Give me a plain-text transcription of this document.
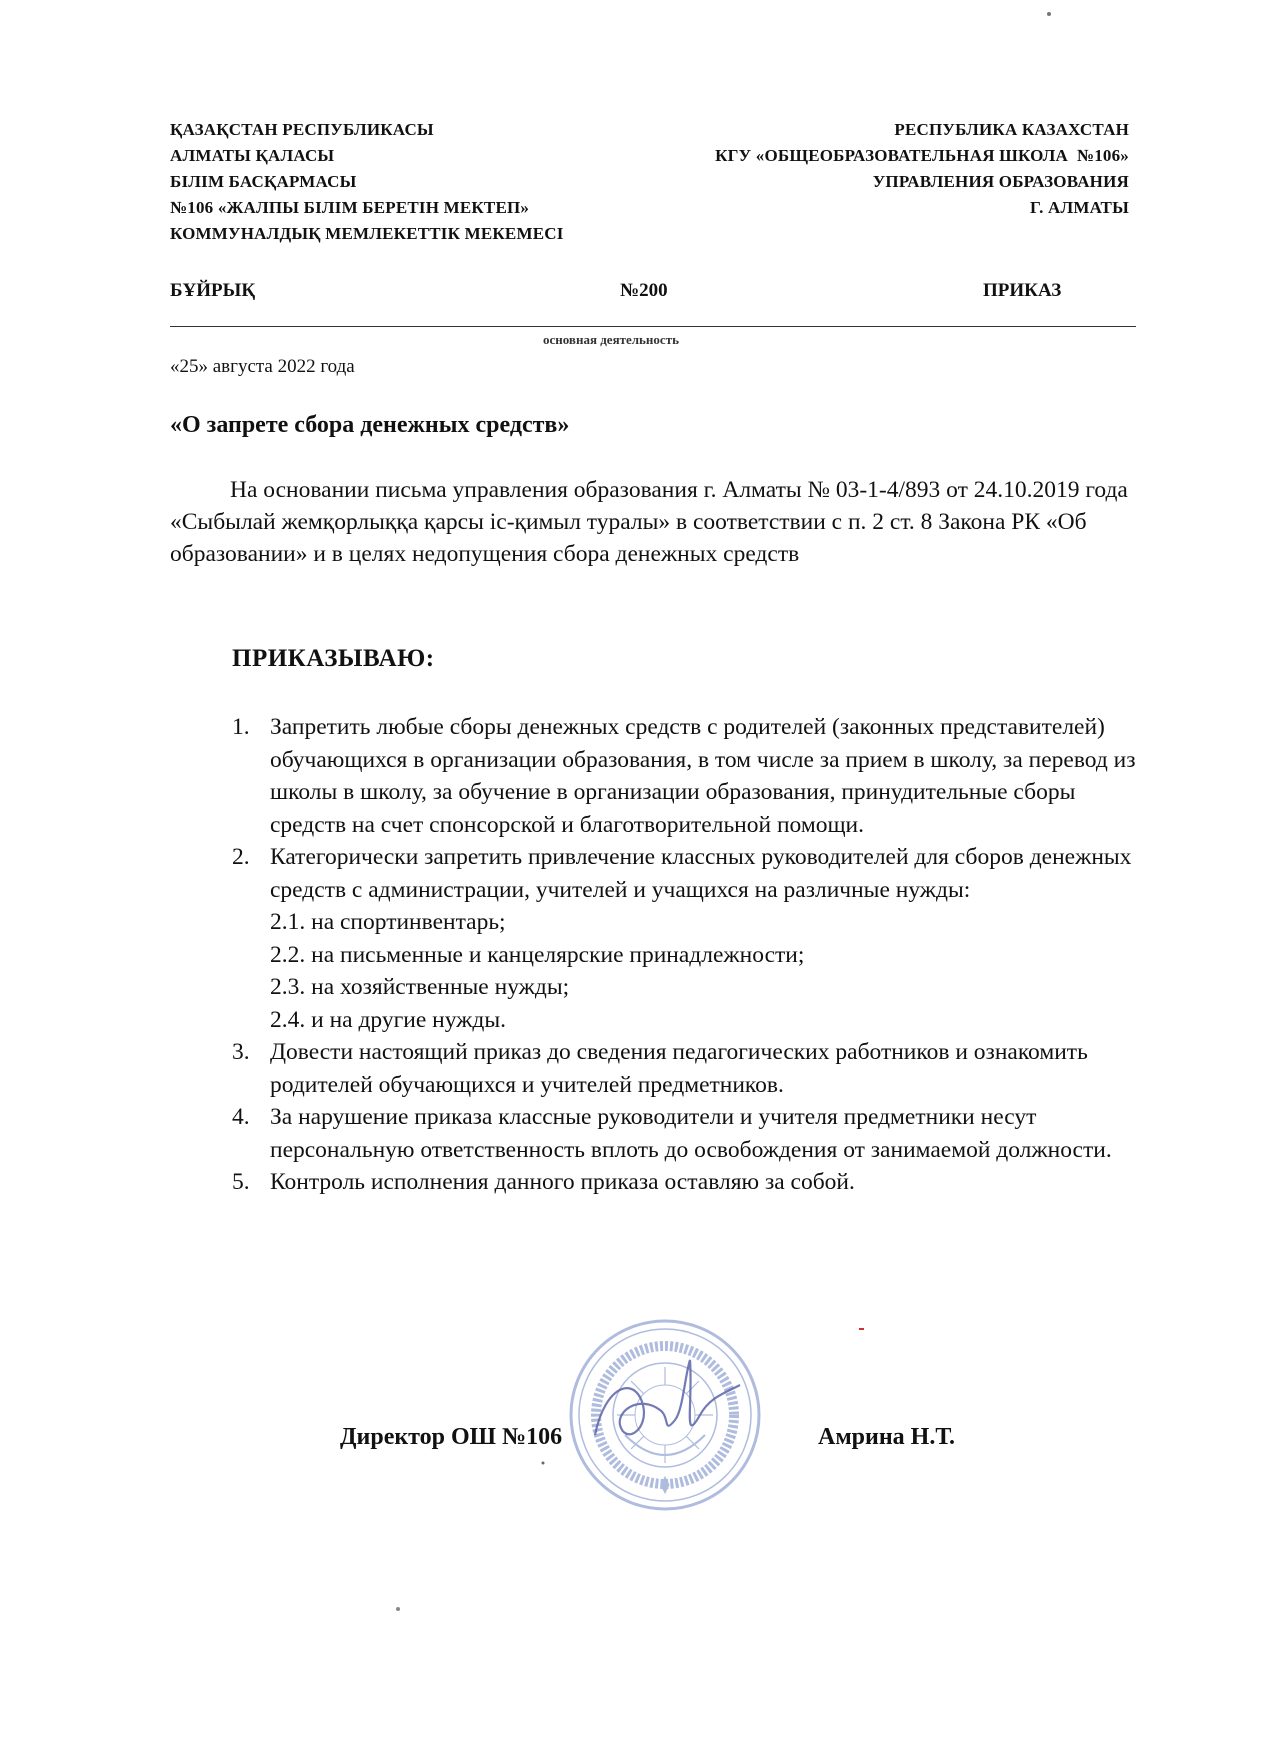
ҚАЗАҚСТАН РЕСПУБЛИКАСЫ
АЛМАТЫ ҚАЛАСЫ
БІЛІМ БАСҚАРМАСЫ
№106 «ЖАЛПЫ БІЛІМ БЕРЕТІН МЕКТЕП»
КОММУНАЛДЫҚ МЕМЛЕКЕТТІК МЕКЕМЕСІ
РЕСПУБЛИКА КАЗАХСТАН
КГУ «ОБЩЕОБРАЗОВАТЕЛЬНАЯ ШКОЛА  №106»
УПРАВЛЕНИЯ ОБРАЗОВАНИЯ
Г. АЛМАТЫ
БҰЙРЫҚ	№200	ПРИКАЗ
основная деятельность
«25» августа 2022 года
«О запрете сбора денежных средств»
На основании письма управления образования г. Алматы № 03-1-4/893 от 24.10.2019 года «Сыбылай жемқорлыққа қарсы іс-қимыл туралы» в соответствии с п. 2 ст. 8 Закона РК «Об образовании» и в целях недопущения сбора денежных средств
ПРИКАЗЫВАЮ:
1. Запретить любые сборы денежных средств с родителей (законных представителей) обучающихся в организации образования, в том числе за прием в школу, за перевод из школы в школу, за обучение в организации образования, принудительные сборы средств на счет спонсорской и благотворительной помощи.
2. Категорически запретить привлечение классных руководителей для сборов денежных средств с администрации, учителей и учащихся на различные нужды:
2.1. на спортинвентарь;
2.2. на письменные и канцелярские принадлежности;
2.3. на хозяйственные нужды;
2.4. и на другие нужды.
3. Довести настоящий приказ до сведения педагогических работников и ознакомить родителей обучающихся и учителей предметников.
4. За нарушение приказа классные руководители и учителя предметники несут персональную ответственность вплоть до освобождения от занимаемой должности.
5. Контроль исполнения данного приказа оставляю за собой.
Директор ОШ №106	Амрина Н.Т.
